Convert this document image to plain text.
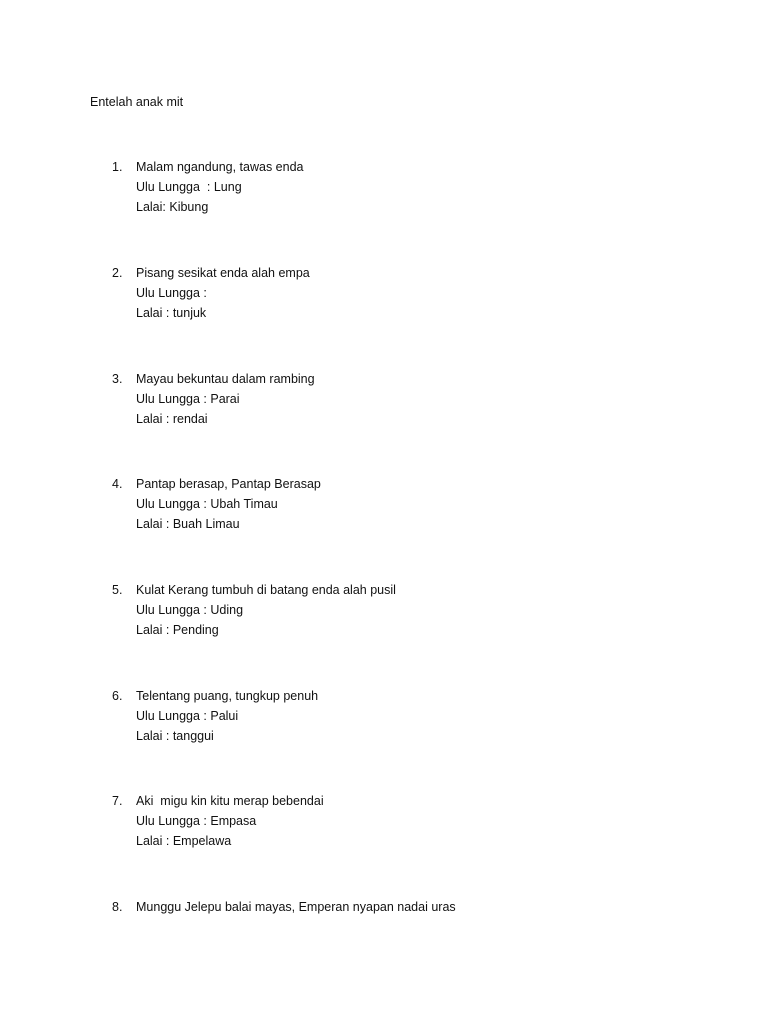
Entelah anak mit
1. Malam ngandung, tawas enda
Ulu Lungga  : Lung
Lalai: Kibung
2. Pisang sesikat enda alah empa
Ulu Lungga :
Lalai : tunjuk
3. Mayau bekuntau dalam rambing
Ulu Lungga : Parai
Lalai : rendai
4. Pantap berasap, Pantap Berasap
Ulu Lungga : Ubah Timau
Lalai : Buah Limau
5. Kulat Kerang tumbuh di batang enda alah pusil
Ulu Lungga : Uding
Lalai : Pending
6. Telentang puang, tungkup penuh
Ulu Lungga : Palui
Lalai : tanggui
7. Aki  migu kin kitu merap bebendai
Ulu Lungga : Empasa
Lalai : Empelawa
8. Munggu Jelepu balai mayas, Emperan nyapan nadai uras
